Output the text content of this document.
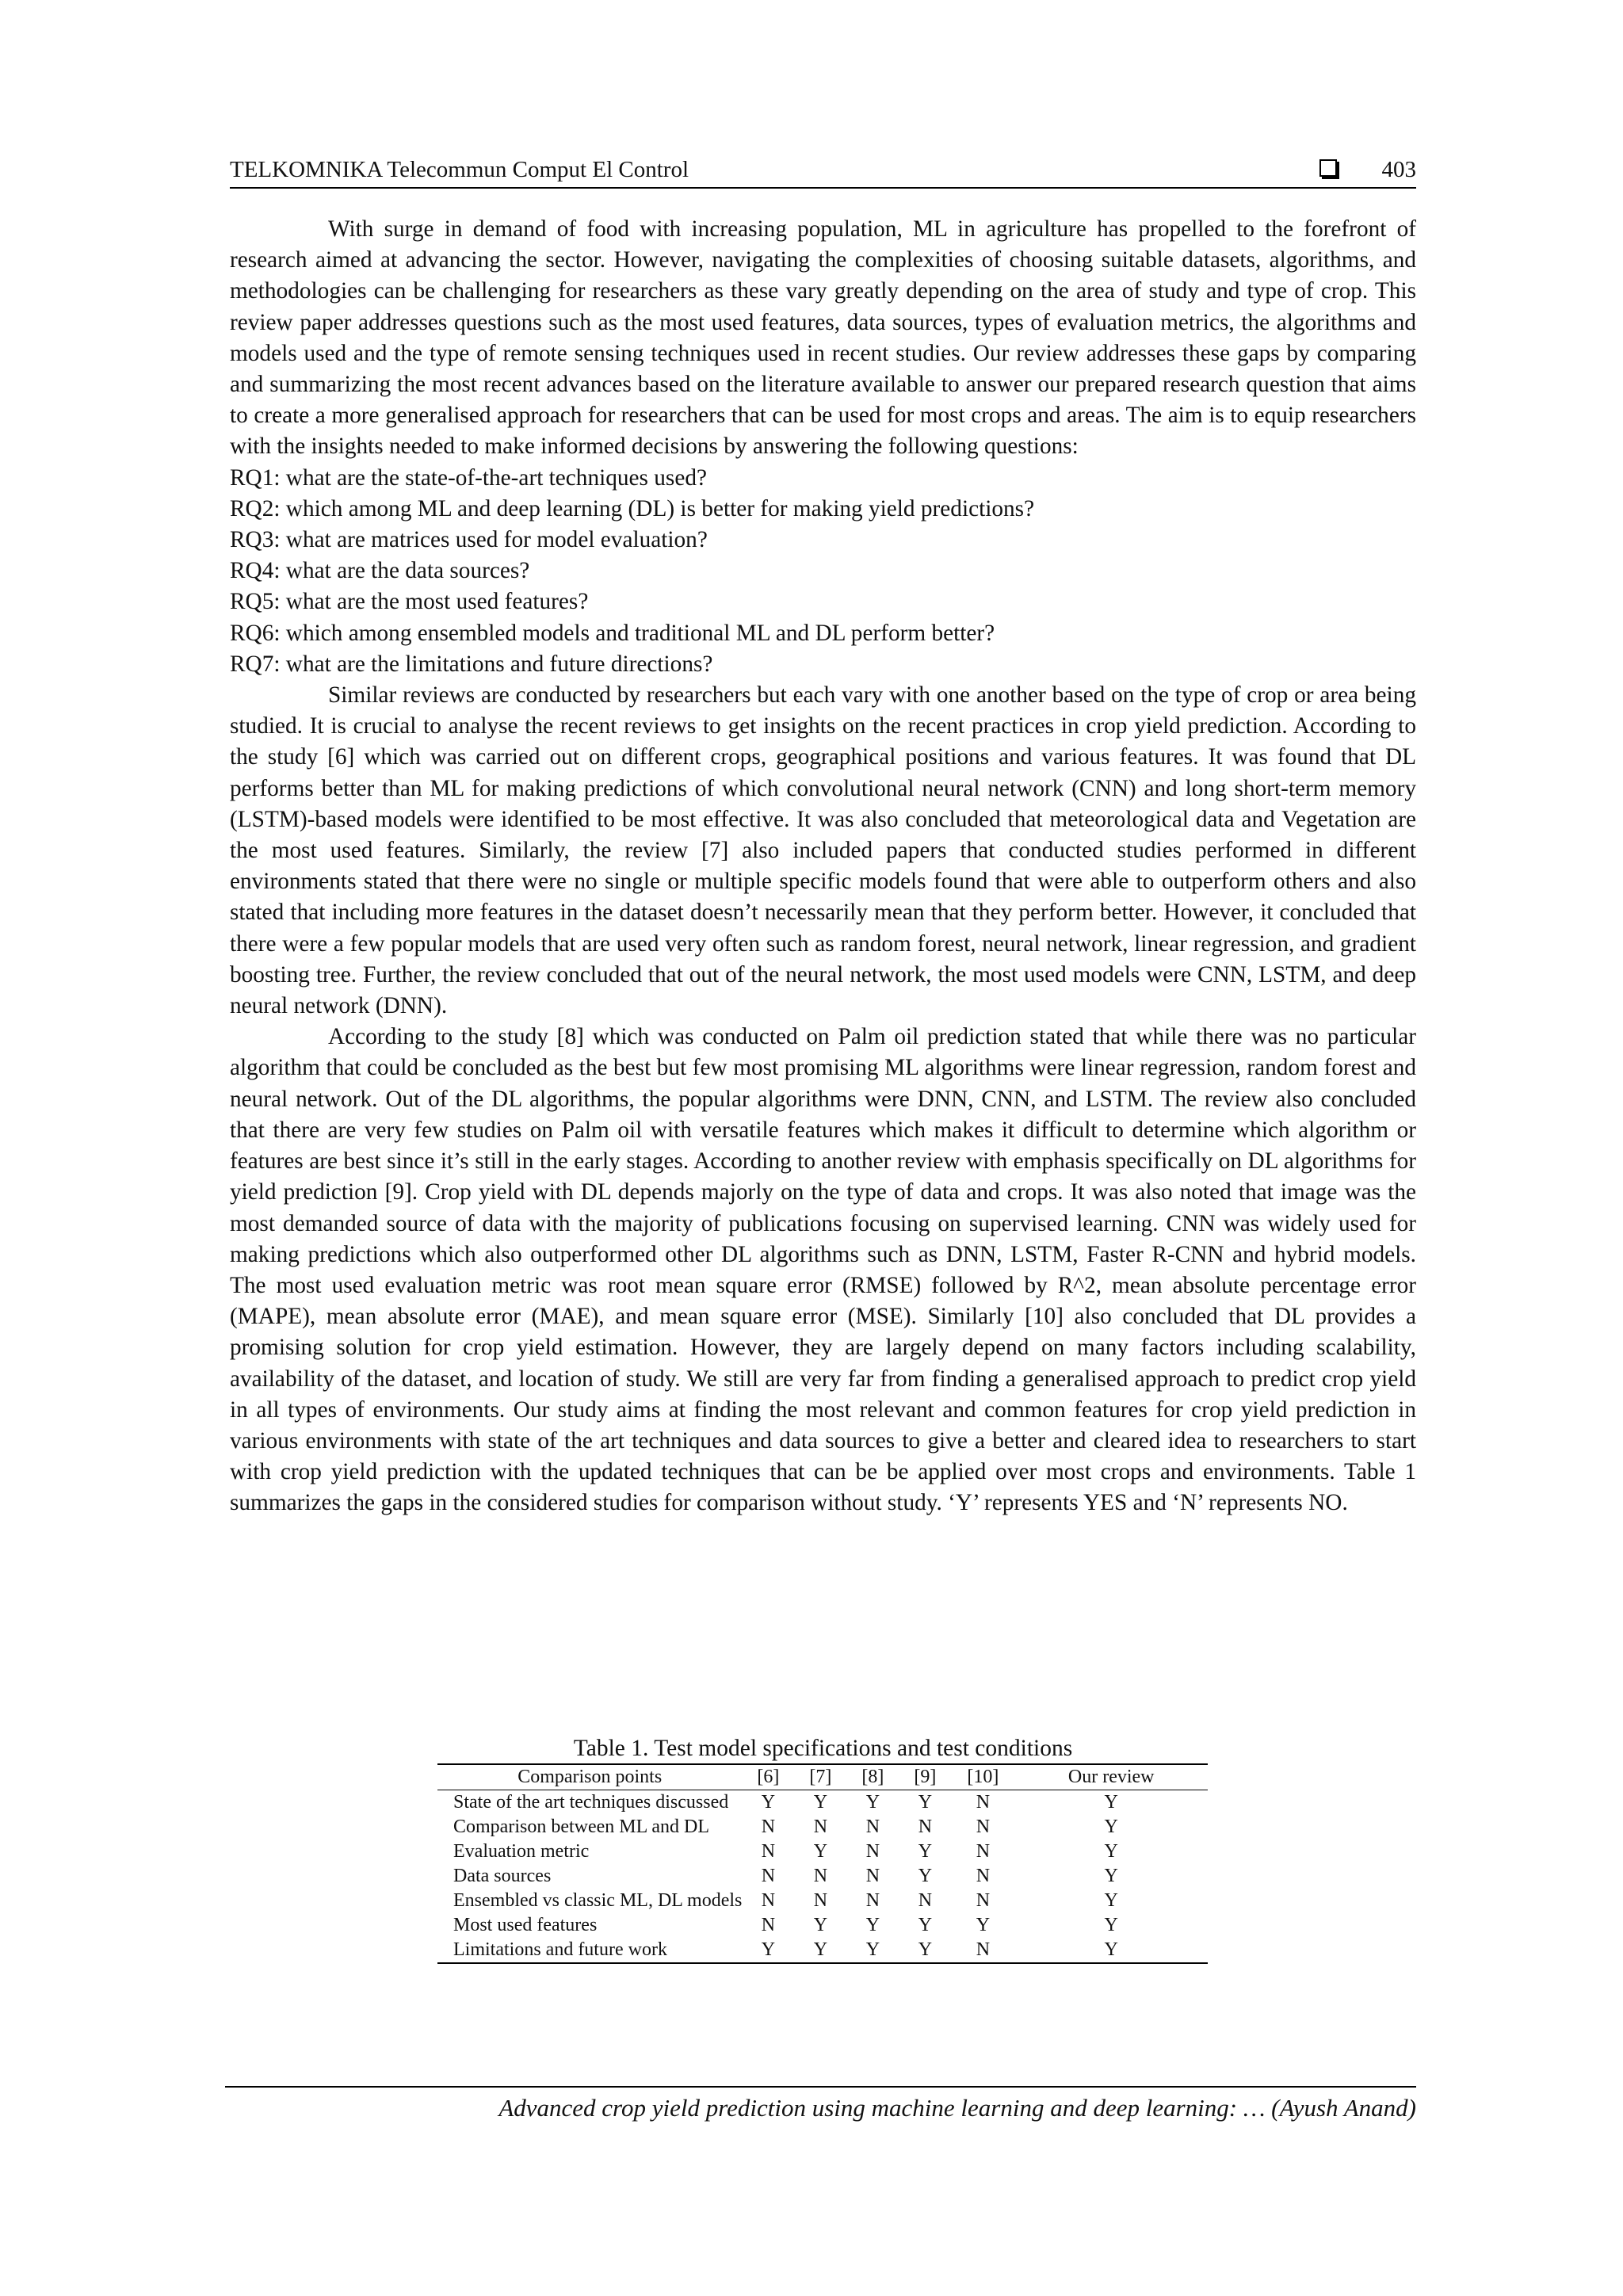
TELKOMNIKA Telecommun Comput El Control	403

With surge in demand of food with increasing population, ML in agriculture has propelled to the forefront of research aimed at advancing the sector. However, navigating the complexities of choosing suitable datasets, algorithms, and methodologies can be challenging for researchers as these vary greatly depending on the area of study and type of crop. This review paper addresses questions such as the most used features, data sources, types of evaluation metrics, the algorithms and models used and the type of remote sensing techniques used in recent studies. Our review addresses these gaps by comparing and summarizing the most recent advances based on the literature available to answer our prepared research question that aims to create a more generalised approach for researchers that can be used for most crops and areas. The aim is to equip researchers with the insights needed to make informed decisions by answering the following questions:

RQ1: what are the state-of-the-art techniques used?

RQ2: which among ML and deep learning (DL) is better for making yield predictions?

RQ3: what are matrices used for model evaluation?

RQ4: what are the data sources?

RQ5: what are the most used features?

RQ6: which among ensembled models and traditional ML and DL perform better?

RQ7: what are the limitations and future directions?

Similar reviews are conducted by researchers but each vary with one another based on the type of crop or area being studied. It is crucial to analyse the recent reviews to get insights on the recent practices in crop yield prediction. According to the study [6] which was carried out on different crops, geographical positions and various features. It was found that DL performs better than ML for making predictions of which convolutional neural network (CNN) and long short-term memory (LSTM)-based models were identified to be most effective. It was also concluded that meteorological data and Vegetation are the most used features. Similarly, the review [7] also included papers that conducted studies performed in different environments stated that there were no single or multiple specific models found that were able to outperform others and also stated that including more features in the dataset doesn’t necessarily mean that they perform better. However, it concluded that there were a few popular models that are used very often such as random forest, neural network, linear regression, and gradient boosting tree. Further, the review concluded that out of the neural network, the most used models were CNN, LSTM, and deep neural network (DNN).

According to the study [8] which was conducted on Palm oil prediction stated that while there was no particular algorithm that could be concluded as the best but few most promising ML algorithms were linear regression, random forest and neural network. Out of the DL algorithms, the popular algorithms were DNN, CNN, and LSTM. The review also concluded that there are very few studies on Palm oil with versatile features which makes it difficult to determine which algorithm or features are best since it’s still in the early stages. According to another review with emphasis specifically on DL algorithms for yield prediction [9]. Crop yield with DL depends majorly on the type of data and crops. It was also noted that image was the most demanded source of data with the majority of publications focusing on supervised learning. CNN was widely used for making predictions which also outperformed other DL algorithms such as DNN, LSTM, Faster R-CNN and hybrid models. The most used evaluation metric was root mean square error (RMSE) followed by R^2, mean absolute percentage error (MAPE), mean absolute error (MAE), and mean square error (MSE). Similarly [10] also concluded that DL provides a promising solution for crop yield estimation. However, they are largely depend on many factors including scalability, availability of the dataset, and location of study. We still are very far from finding a generalised approach to predict crop yield in all types of environments. Our study aims at finding the most relevant and common features for crop yield prediction in various environments with state of the art techniques and data sources to give a better and cleared idea to researchers to start with crop yield prediction with the updated techniques that can be be applied over most crops and environments. Table 1 summarizes the gaps in the considered studies for comparison without study. ‘Y’ represents YES and ‘N’ represents NO.

Table 1. Test model specifications and test conditions
Comparison points	[6]	[7]	[8]	[9]	[10]	Our review
State of the art techniques discussed	Y	Y	Y	Y	N	Y
Comparison between ML and DL	N	N	N	N	N	Y
Evaluation metric	N	Y	N	Y	N	Y
Data sources	N	N	N	Y	N	Y
Ensembled vs classic ML, DL models	N	N	N	N	N	Y
Most used features	N	Y	Y	Y	Y	Y
Limitations and future work	Y	Y	Y	Y	N	Y
Advanced crop yield prediction using machine learning and deep learning: … (Ayush Anand)
